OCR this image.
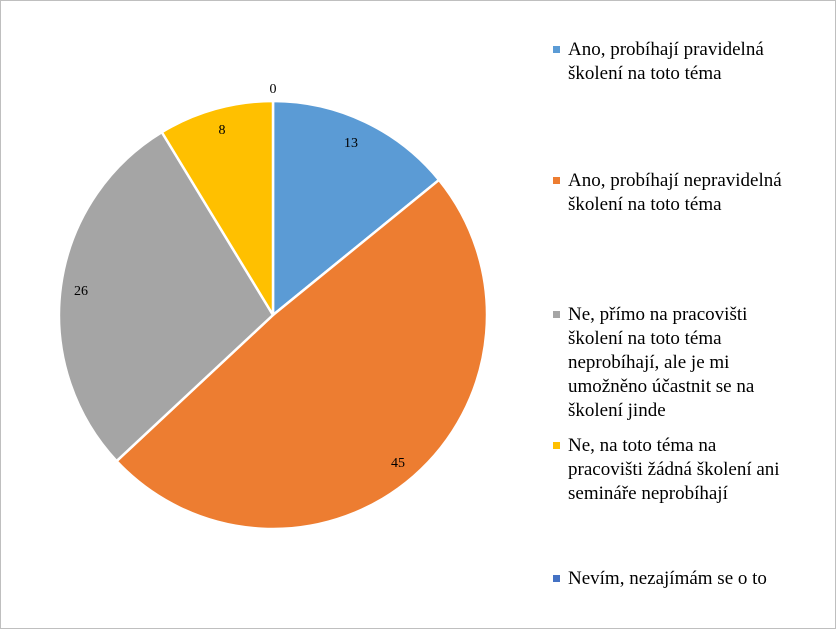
13
45
26
8
0
Ano, probíhají pravidelná
školení na toto téma
Ano, probíhají nepravidelná
školení na toto téma
Ne, přímo na pracovišti
školení na toto téma
neprobíhají, ale je mi
umožněno účastnit se na
školení jinde
Ne, na toto téma na
pracovišti žádná školení ani
semináře neprobíhají
Nevím, nezajímám se o to
